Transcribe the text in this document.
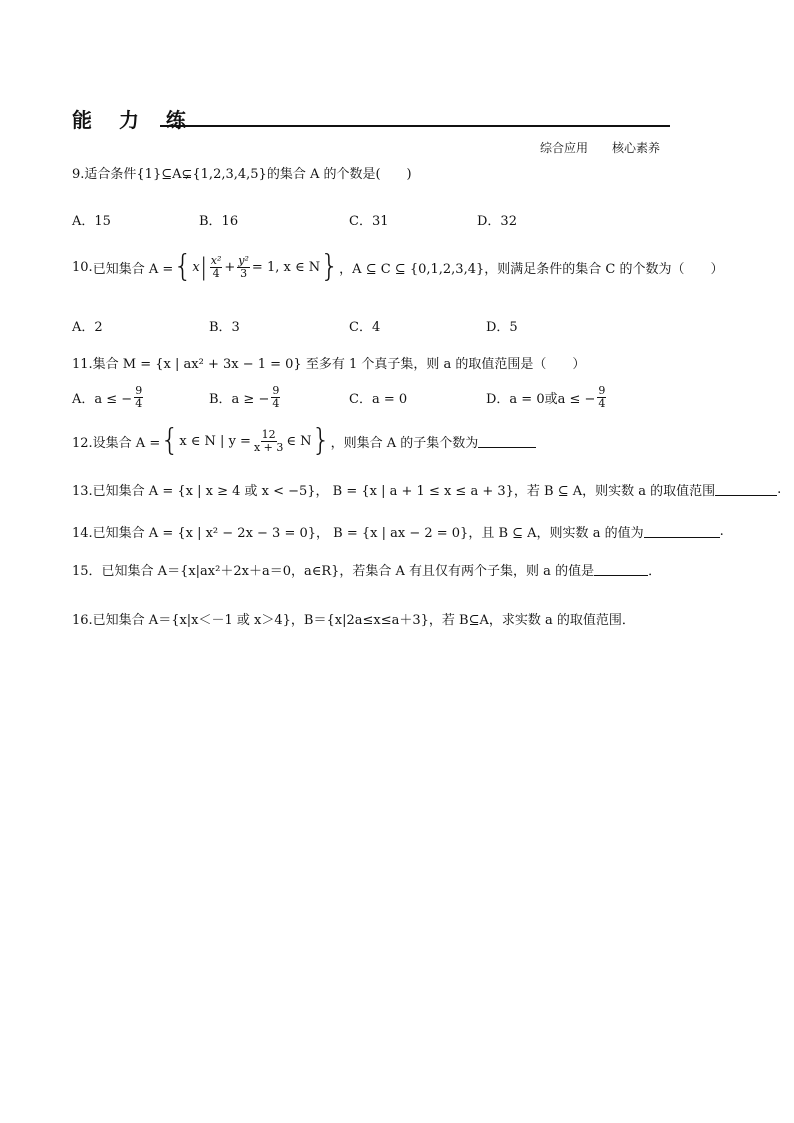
能 力 练
综合应用 核心素养
9.适合条件{1}⊆A⊊{1,2,3,4,5}的集合 A 的个数是(　　)
A．15	B．16	C．31	D．32
10. 已知集合 A = { x | $\frac{\text{x²}}{4} + \frac{\text{y²}}{3} = 1$, x ∈ N } ，A ⊆ C ⊆ {0,1,2,3,4}，则满足条件的集合 C 的个数为（　　）
A．2	B．3	C．4	D．5
11.集合 M = {x | ax² + 3x − 1 = 0} 至多有 1 个真子集，则 a 的取值范围是（　　）
A．a ≤ − $\frac{9}{4}$	B．a ≥ − $\frac{9}{4}$	C．a = 0	D．a = 0或a ≤ − $\frac{9}{4}$
12.设集合 A = { x ∈ N | $y = \frac{12}{x + 3}$ ∈ N } ，则集合 A 的子集个数为
13.已知集合 A = {x | x ≥ 4 或 x < −5}， B = {x | a + 1 ≤ x ≤ a + 3}，若 B ⊆ A，则实数 a 的取值范围	.
14.已知集合 A = {x | x² − 2x − 3 = 0}， B = {x | ax − 2 = 0}，且 B ⊆ A，则实数 a 的值为	.
15．已知集合 A＝{x|ax²＋2x＋a＝0，a∈R}，若集合 A 有且仅有两个子集，则 a 的值是	．
16.已知集合 A＝{x|x＜－1 或 x＞4}，B＝{x|2a≤x≤a＋3}，若 B⊆A，求实数 a 的取值范围．
